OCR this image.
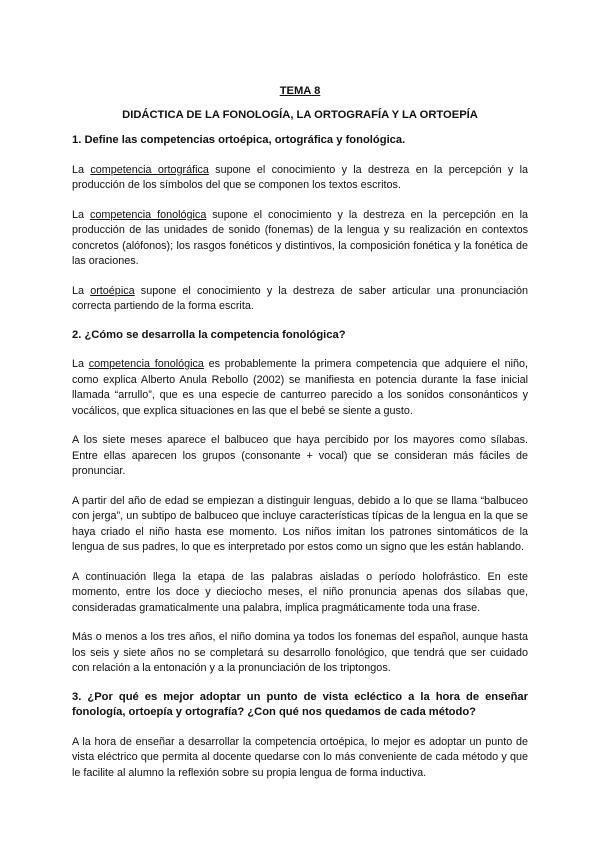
TEMA 8
DIDÁCTICA DE LA FONOLOGÍA, LA ORTOGRAFÍA Y LA ORTOEPÍA
1. Define las competencias ortoépica, ortográfica y fonológica.

La competencia ortográfica supone el conocimiento y la destreza en la percepción y la producción de los símbolos del que se componen los textos escritos.

La competencia fonológica supone el conocimiento y la destreza en la percepción en la producción de las unidades de sonido (fonemas) de la lengua y su realización en contextos concretos (alófonos); los rasgos fonéticos y distintivos, la composición fonética y la fonética de las oraciones.

La ortoépica supone el conocimiento y la destreza de saber articular una pronunciación correcta partiendo de la forma escrita.

2. ¿Cómo se desarrolla la competencia fonológica?

La competencia fonológica es probablemente la primera competencia que adquiere el niño, como explica Alberto Anula Rebollo (2002) se manifiesta en potencia durante la fase inicial llamada “arrullo”, que es una especie de canturreo parecido a los sonidos consonánticos y vocálicos, que explica situaciones en las que el bebé se siente a gusto.

A los siete meses aparece el balbuceo que haya percibido por los mayores como sílabas. Entre ellas aparecen los grupos (consonante + vocal) que se consideran más fáciles de pronunciar.

A partir del año de edad se empiezan a distinguir lenguas, debido a lo que se llama “balbuceo con jerga”, un subtipo de balbuceo que incluye características típicas de la lengua en la que se haya criado el niño hasta ese momento. Los niños imitan los patrones sintomáticos de la lengua de sus padres, lo que es interpretado por estos como un signo que les están hablando.

A continuación llega la etapa de las palabras aisladas o período holofrástico. En este momento, entre los doce y dieciocho meses, el niño pronuncia apenas dos sílabas que, consideradas gramaticalmente una palabra, implica pragmáticamente toda una frase.

Más o menos a los tres años, el niño domina ya todos los fonemas del español, aunque hasta los seis y siete años no se completará su desarrollo fonológico, que tendrá que ser cuidado con relación a la entonación y a la pronunciación de los triptongos.

3. ¿Por qué es mejor adoptar un punto de vista ecléctico a la hora de enseñar fonología, ortoepía y ortografía? ¿Con qué nos quedamos de cada método?

A la hora de enseñar a desarrollar la competencia ortoépica, lo mejor es adoptar un punto de vista eléctrico que permita al docente quedarse con lo más conveniente de cada método y que le facilite al alumno la reflexión sobre su propia lengua de forma inductiva.
